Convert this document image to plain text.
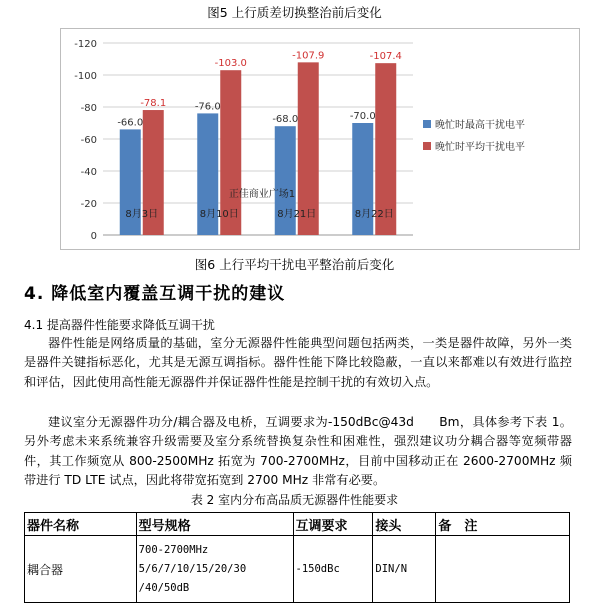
图5 上行质差切换整治前后变化
-120
-100
-80
-60
-40
-20
0
-66.0
-78.1
8月3日
-76.0
-103.0
8月10日
-68.0
-107.9
8月21日
-70.0
-107.4
8月22日
正佳商业广场1
晚忙时最高干扰电平
晚忙时平均干扰电平
图6 上行平均干扰电平整治前后变化
4. 降低室内覆盖互调干扰的建议
4.1 提高器件性能要求降低互调干扰

器件性能是网络质量的基础，室分无源器件性能典型问题包括两类，一类是器件故障，另外一类是器件关键指标恶化，尤其是无源互调指标。器件性能下降比较隐蔽，一直以来都难以有效进行监控和评估，因此使用高性能无源器件并保证器件性能是控制干扰的有效切入点。

建议室分无源器件功分/耦合器及电桥，互调要求为-150dBc@43d　　Bm，具体参考下表 1。另外考虑未来系统兼容升级需要及室分系统替换复杂性和困难性，强烈建议功分耦合器等宽频带器件，其工作频宽从 800-2500MHz 拓宽为 700-2700MHz，目前中国移动正在 2600-2700MHz 频带进行 TD LTE 试点，因此将带宽拓宽到 2700 MHz 非常有必要。

表 2 室内分布高品质无源器件性能要求
器件名称	型号规格	互调要求	接头	备　注
耦合器	700-2700MHz
5/6/7/10/15/20/30
/40/50dB	-150dBc	DIN/N	
